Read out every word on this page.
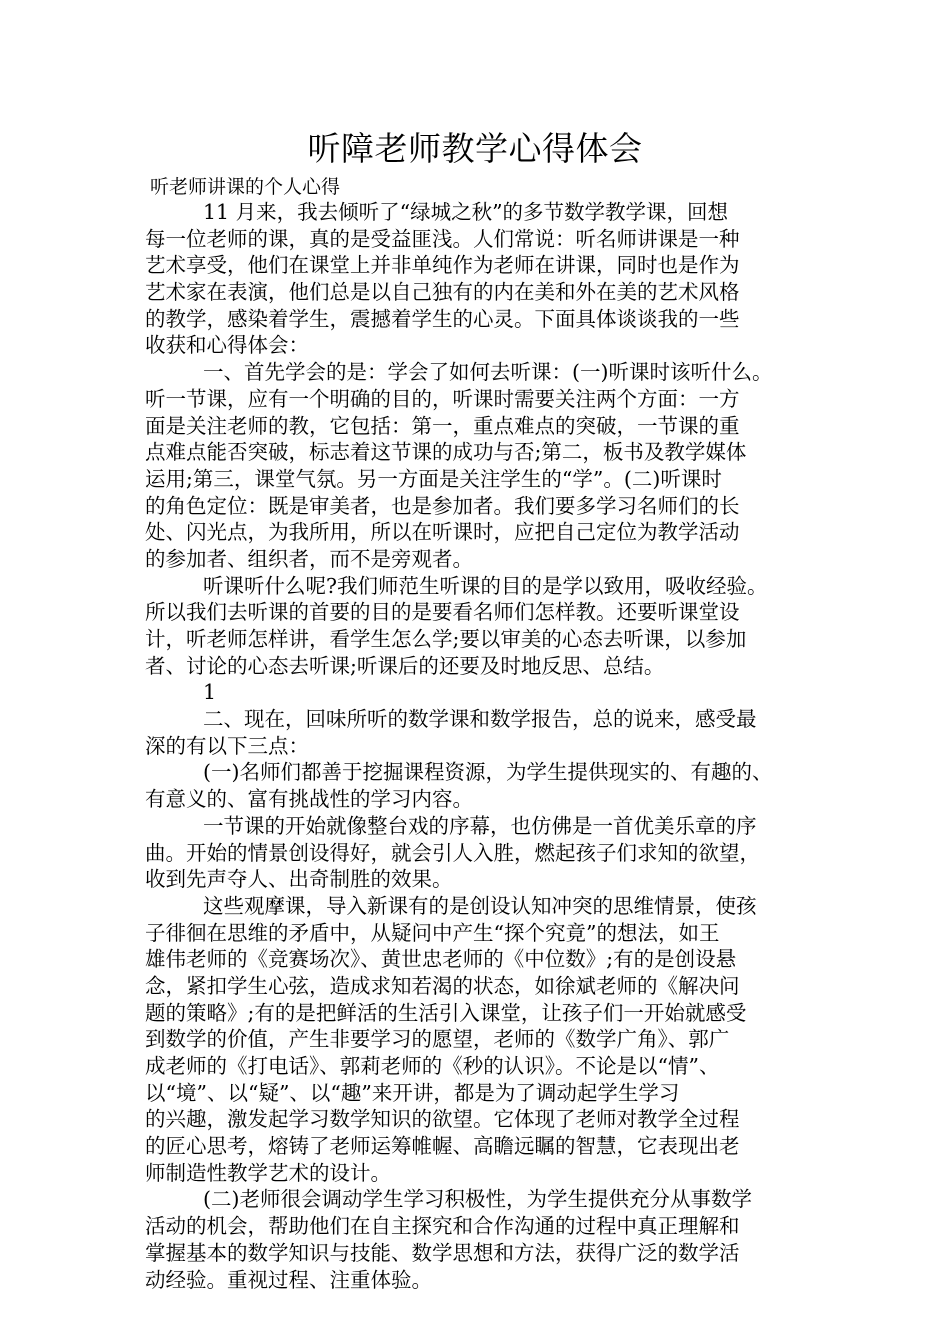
听障老师教学心得体会
听老师讲课的个人心得
11 月来，我去倾听了“绿城之秋”的多节数学教学课，回想
每一位老师的课，真的是受益匪浅。人们常说：听名师讲课是一种
艺术享受，他们在课堂上并非单纯作为老师在讲课，同时也是作为
艺术家在表演，他们总是以自己独有的内在美和外在美的艺术风格
的教学，感染着学生，震撼着学生的心灵。下面具体谈谈我的一些
收获和心得体会：
一、首先学会的是：学会了如何去听课：(一)听课时该听什么。
听一节课，应有一个明确的目的，听课时需要关注两个方面：一方
面是关注老师的教，它包括：第一，重点难点的突破，一节课的重
点难点能否突破，标志着这节课的成功与否;第二，板书及教学媒体
运用;第三，课堂气氛。另一方面是关注学生的“学”。(二)听课时
的角色定位：既是审美者，也是参加者。我们要多学习名师们的长
处、闪光点，为我所用，所以在听课时，应把自己定位为教学活动
的参加者、组织者，而不是旁观者。
听课听什么呢?我们师范生听课的目的是学以致用，吸收经验。
所以我们去听课的首要的目的是要看名师们怎样教。还要听课堂设
计，听老师怎样讲，看学生怎么学;要以审美的心态去听课，以参加
者、讨论的心态去听课;听课后的还要及时地反思、总结。
1
二、现在，回味所听的数学课和数学报告，总的说来，感受最
深的有以下三点：
(一)名师们都善于挖掘课程资源，为学生提供现实的、有趣的、
有意义的、富有挑战性的学习内容。
一节课的开始就像整台戏的序幕，也仿佛是一首优美乐章的序
曲。开始的情景创设得好，就会引人入胜，燃起孩子们求知的欲望，
收到先声夺人、出奇制胜的效果。
这些观摩课，导入新课有的是创设认知冲突的思维情景，使孩
子徘徊在思维的矛盾中，从疑问中产生“探个究竟”的想法，如王
雄伟老师的《竞赛场次》、黄世忠老师的《中位数》;有的是创设悬
念，紧扣学生心弦，造成求知若渴的状态，如徐斌老师的《解决问
题的策略》;有的是把鲜活的生活引入课堂，让孩子们一开始就感受
到数学的价值，产生非要学习的愿望，老师的《数学广角》、郭广
成老师的《打电话》、郭莉老师的《秒的认识》。不论是以“情”、
以“境”、以“疑”、以“趣”来开讲，都是为了调动起学生学习
的兴趣，激发起学习数学知识的欲望。它体现了老师对教学全过程
的匠心思考，熔铸了老师运筹帷幄、高瞻远瞩的智慧，它表现出老
师制造性教学艺术的设计。
(二)老师很会调动学生学习积极性，为学生提供充分从事数学
活动的机会，帮助他们在自主探究和合作沟通的过程中真正理解和
掌握基本的数学知识与技能、数学思想和方法，获得广泛的数学活
动经验。重视过程、注重体验。
